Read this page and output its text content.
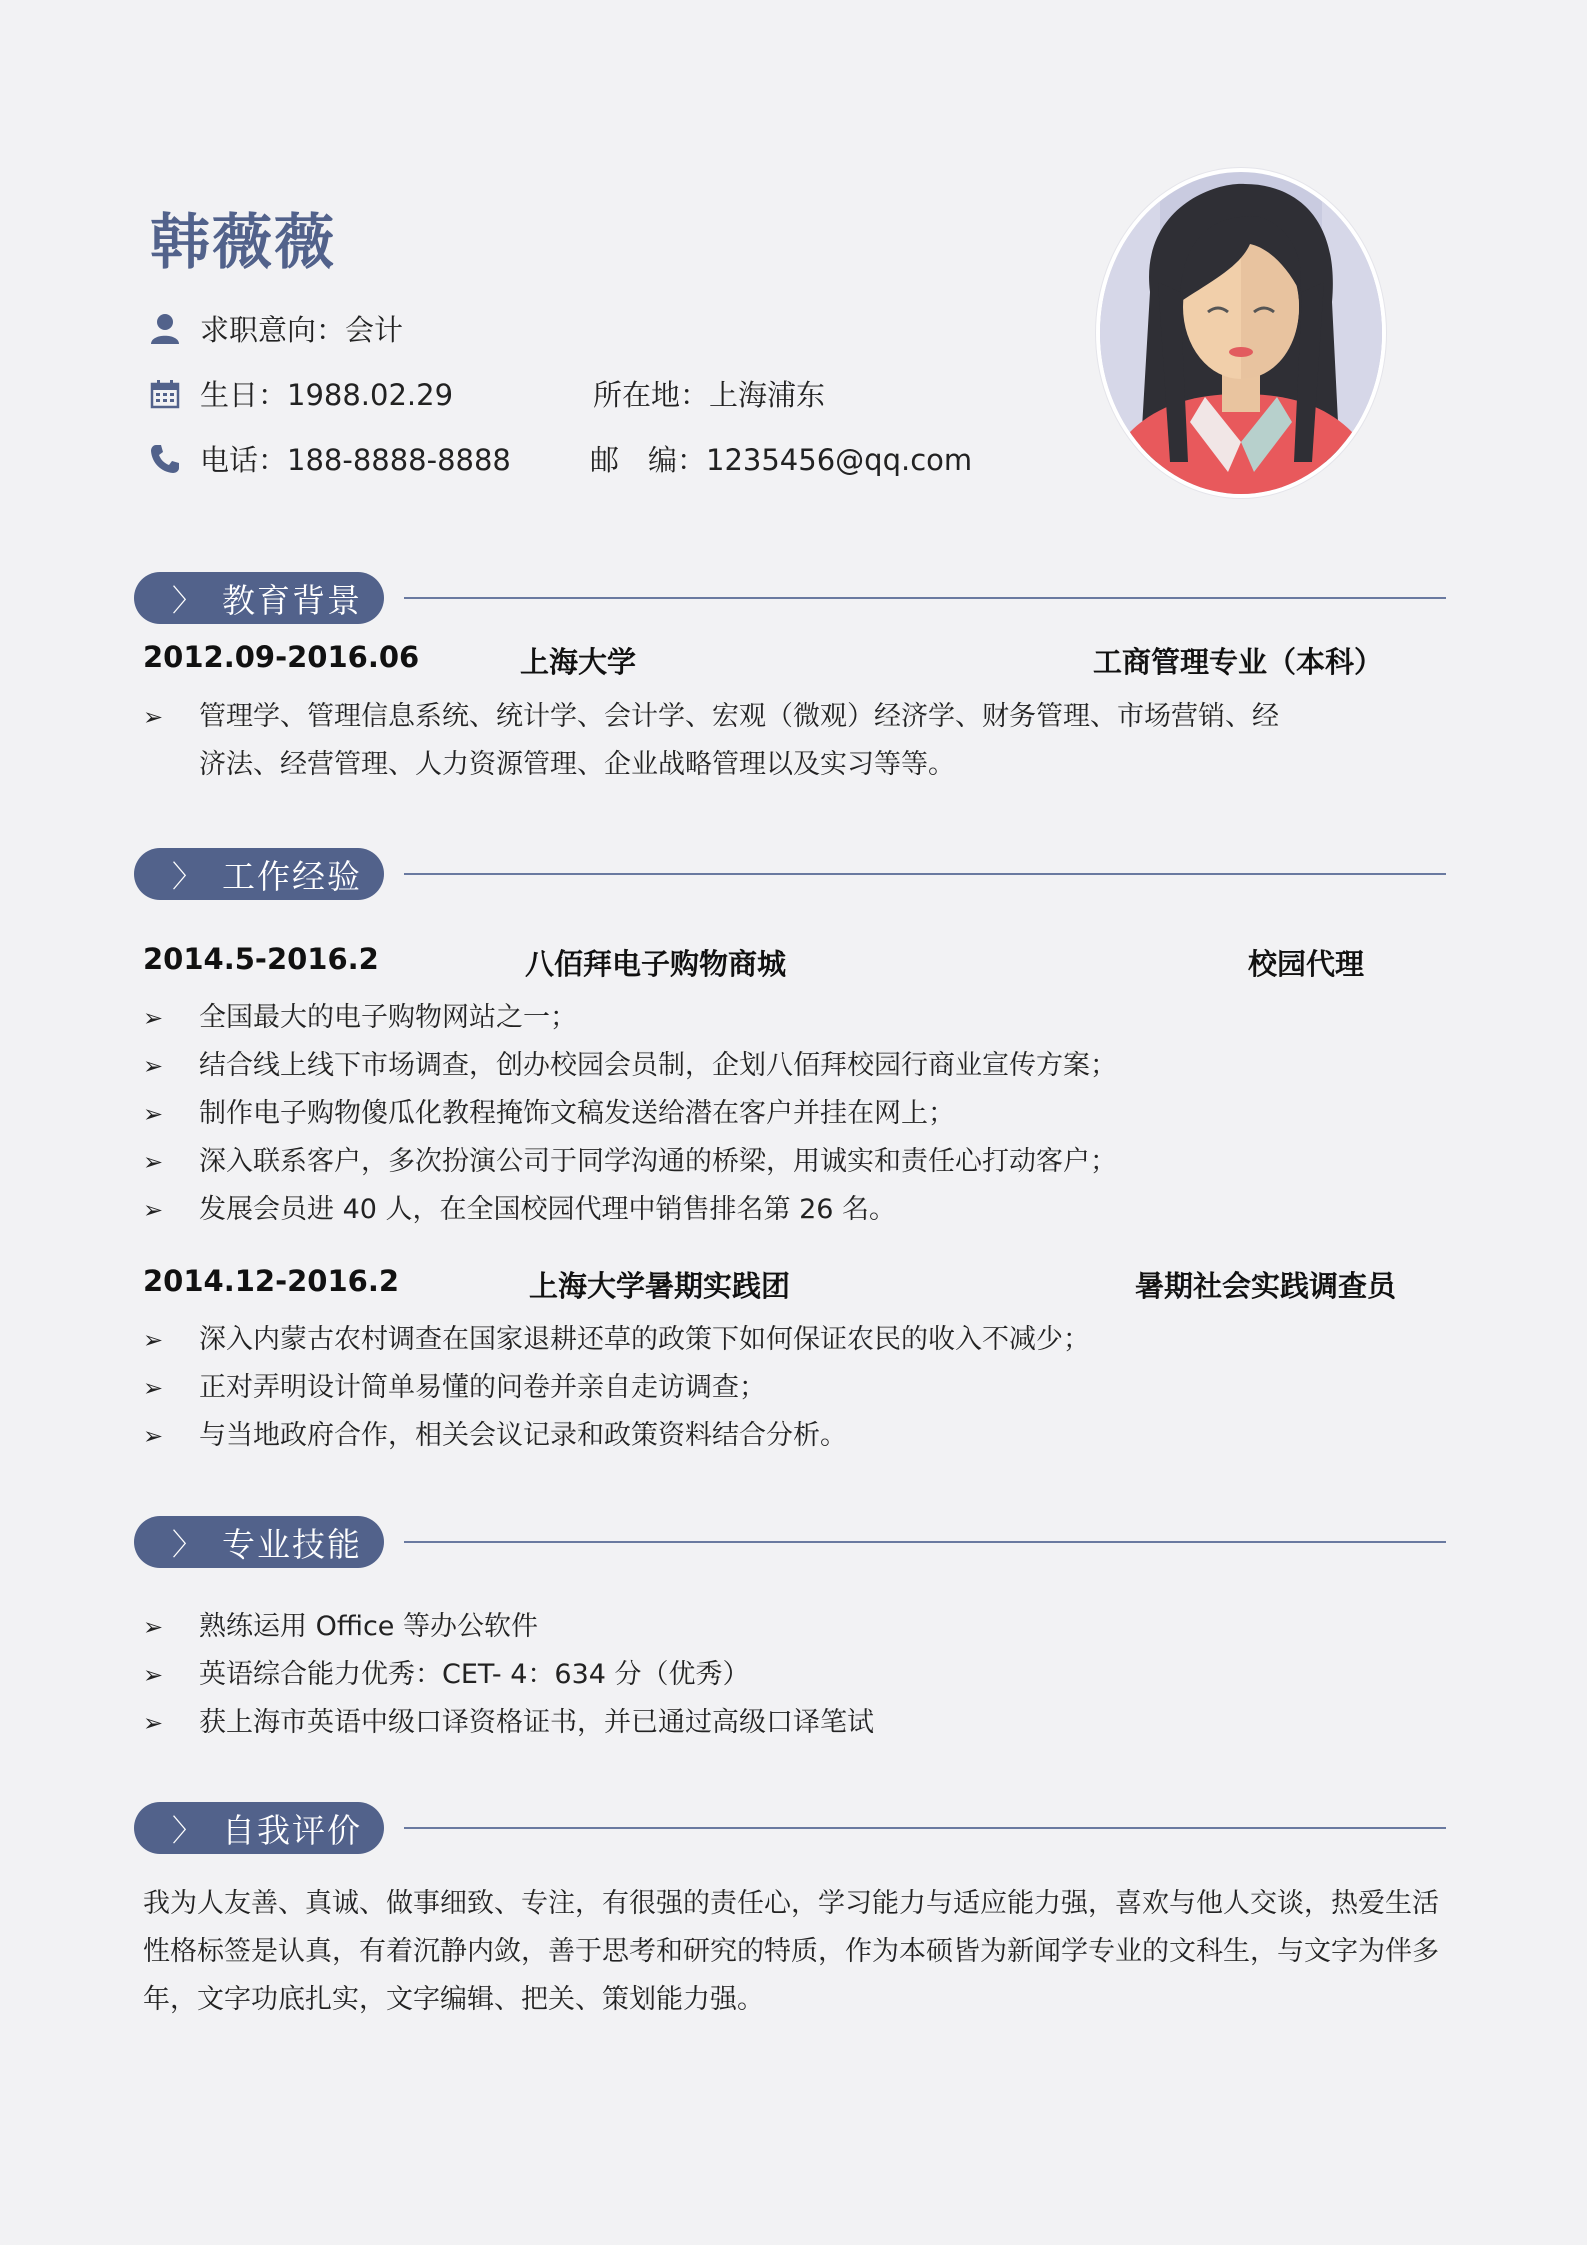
韩薇薇
求职意向：会计
生日：1988.02.29	所在地：上海浦东
电话：188-8888-8888	邮　编：1235456@qq.com
〉 教育背景
2012.09-2016.06	上海大学	工商管理专业（本科）
➢	管理学、管理信息系统、统计学、会计学、宏观（微观）经济学、财务管理、市场营销、经济法、经营管理、人力资源管理、企业战略管理以及实习等等。
〉 工作经验
2014.5-2016.2	八佰拜电子购物商城	校园代理
➢	全国最大的电子购物网站之一；
➢	结合线上线下市场调查，创办校园会员制，企划八佰拜校园行商业宣传方案；
➢	制作电子购物傻瓜化教程掩饰文稿发送给潜在客户并挂在网上；
➢	深入联系客户，多次扮演公司于同学沟通的桥梁，用诚实和责任心打动客户；
➢	发展会员进 40 人，在全国校园代理中销售排名第 26 名。
2014.12-2016.2	上海大学暑期实践团	暑期社会实践调查员
➢	深入内蒙古农村调查在国家退耕还草的政策下如何保证农民的收入不减少；
➢	正对弄明设计简单易懂的问卷并亲自走访调查；
➢	与当地政府合作，相关会议记录和政策资料结合分析。
〉 专业技能
➢	熟练运用 Office 等办公软件
➢	英语综合能力优秀：CET- 4：634 分（优秀）
➢	获上海市英语中级口译资格证书，并已通过高级口译笔试
〉 自我评价
我为人友善、真诚、做事细致、专注，有很强的责任心，学习能力与适应能力强，喜欢与他人交谈，热爱生活性格标签是认真，有着沉静内敛，善于思考和研究的特质，作为本硕皆为新闻学专业的文科生，与文字为伴多年，文字功底扎实，文字编辑、把关、策划能力强。
